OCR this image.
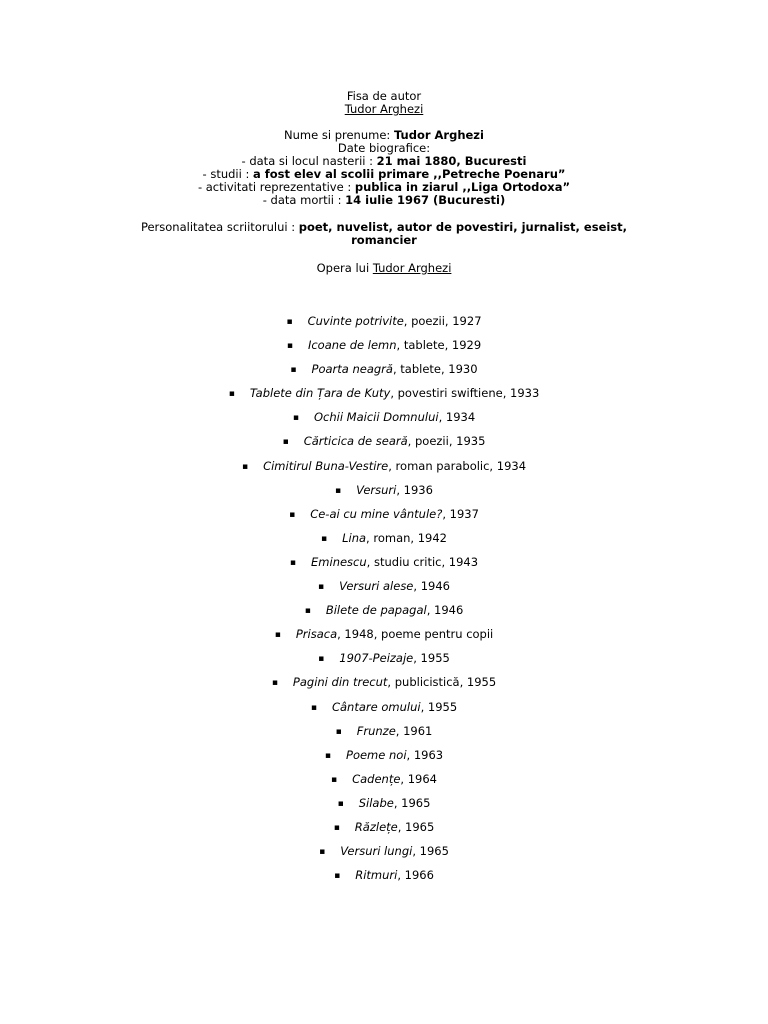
Fisa de autor
Tudor Arghezi
Nume si prenume: Tudor Arghezi
Date biografice:
- data si locul nasterii : 21 mai 1880, Bucuresti
- studii : a fost elev al scolii primare ,,Petreche Poenaru”
- activitati reprezentative : publica in ziarul ,,Liga Ortodoxa”
- data mortii : 14 iulie 1967 (Bucuresti)
Personalitatea scriitorului : poet, nuvelist, autor de povestiri, jurnalist, eseist, romancier
Opera lui Tudor Arghezi
▪ Cuvinte potrivite, poezii, 1927
▪ Icoane de lemn, tablete, 1929
▪ Poarta neagră, tablete, 1930
▪ Tablete din Țara de Kuty, povestiri swiftiene, 1933
▪ Ochii Maicii Domnului, 1934
▪ Cărticica de seară, poezii, 1935
▪ Cimitirul Buna-Vestire, roman parabolic, 1934
▪ Versuri, 1936
▪ Ce-ai cu mine vântule?, 1937
▪ Lina, roman, 1942
▪ Eminescu, studiu critic, 1943
▪ Versuri alese, 1946
▪ Bilete de papagal, 1946
▪ Prisaca, 1948, poeme pentru copii
▪ 1907-Peizaje, 1955
▪ Pagini din trecut, publicistică, 1955
▪ Cântare omului, 1955
▪ Frunze, 1961
▪ Poeme noi, 1963
▪ Cadențe, 1964
▪ Silabe, 1965
▪ Răzlețe, 1965
▪ Versuri lungi, 1965
▪ Ritmuri, 1966
